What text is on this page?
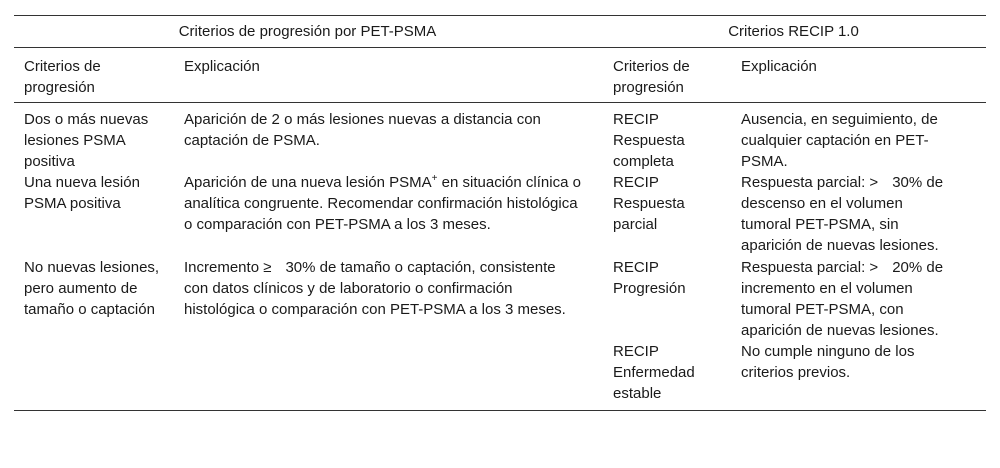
Criterios de progresión por PET-PSMA		Criterios RECIP 1.0	
Criterios de progresión	Explicación	Criterios de progresión	Explicación
Dos o más nuevas lesiones PSMA positiva	Aparición de 2 o más lesiones nuevas a distancia con captación de PSMA.	RECIP Respuesta completa	Ausencia, en seguimiento, de cualquier captación en PET-PSMA.
Una nueva lesión PSMA positiva	Aparición de una nueva lesión PSMA+ en situación clínica o analítica congruente. Recomendar confirmación histológica o comparación con PET-PSMA a los 3 meses.	RECIP Respuesta parcial	Respuesta parcial: > 30% de descenso en el volumen tumoral PET-PSMA, sin aparición de nuevas lesiones.
No nuevas lesiones, pero aumento de tamaño o captación	Incremento ≥ 30% de tamaño o captación, consistente con datos clínicos y de laboratorio o confirmación histológica o comparación con PET-PSMA a los 3 meses.	RECIP Progresión	Respuesta parcial: > 20% de incremento en el volumen tumoral PET-PSMA, con aparición de nuevas lesiones.
		RECIP Enfermedad estable	No cumple ninguno de los criterios previos.
